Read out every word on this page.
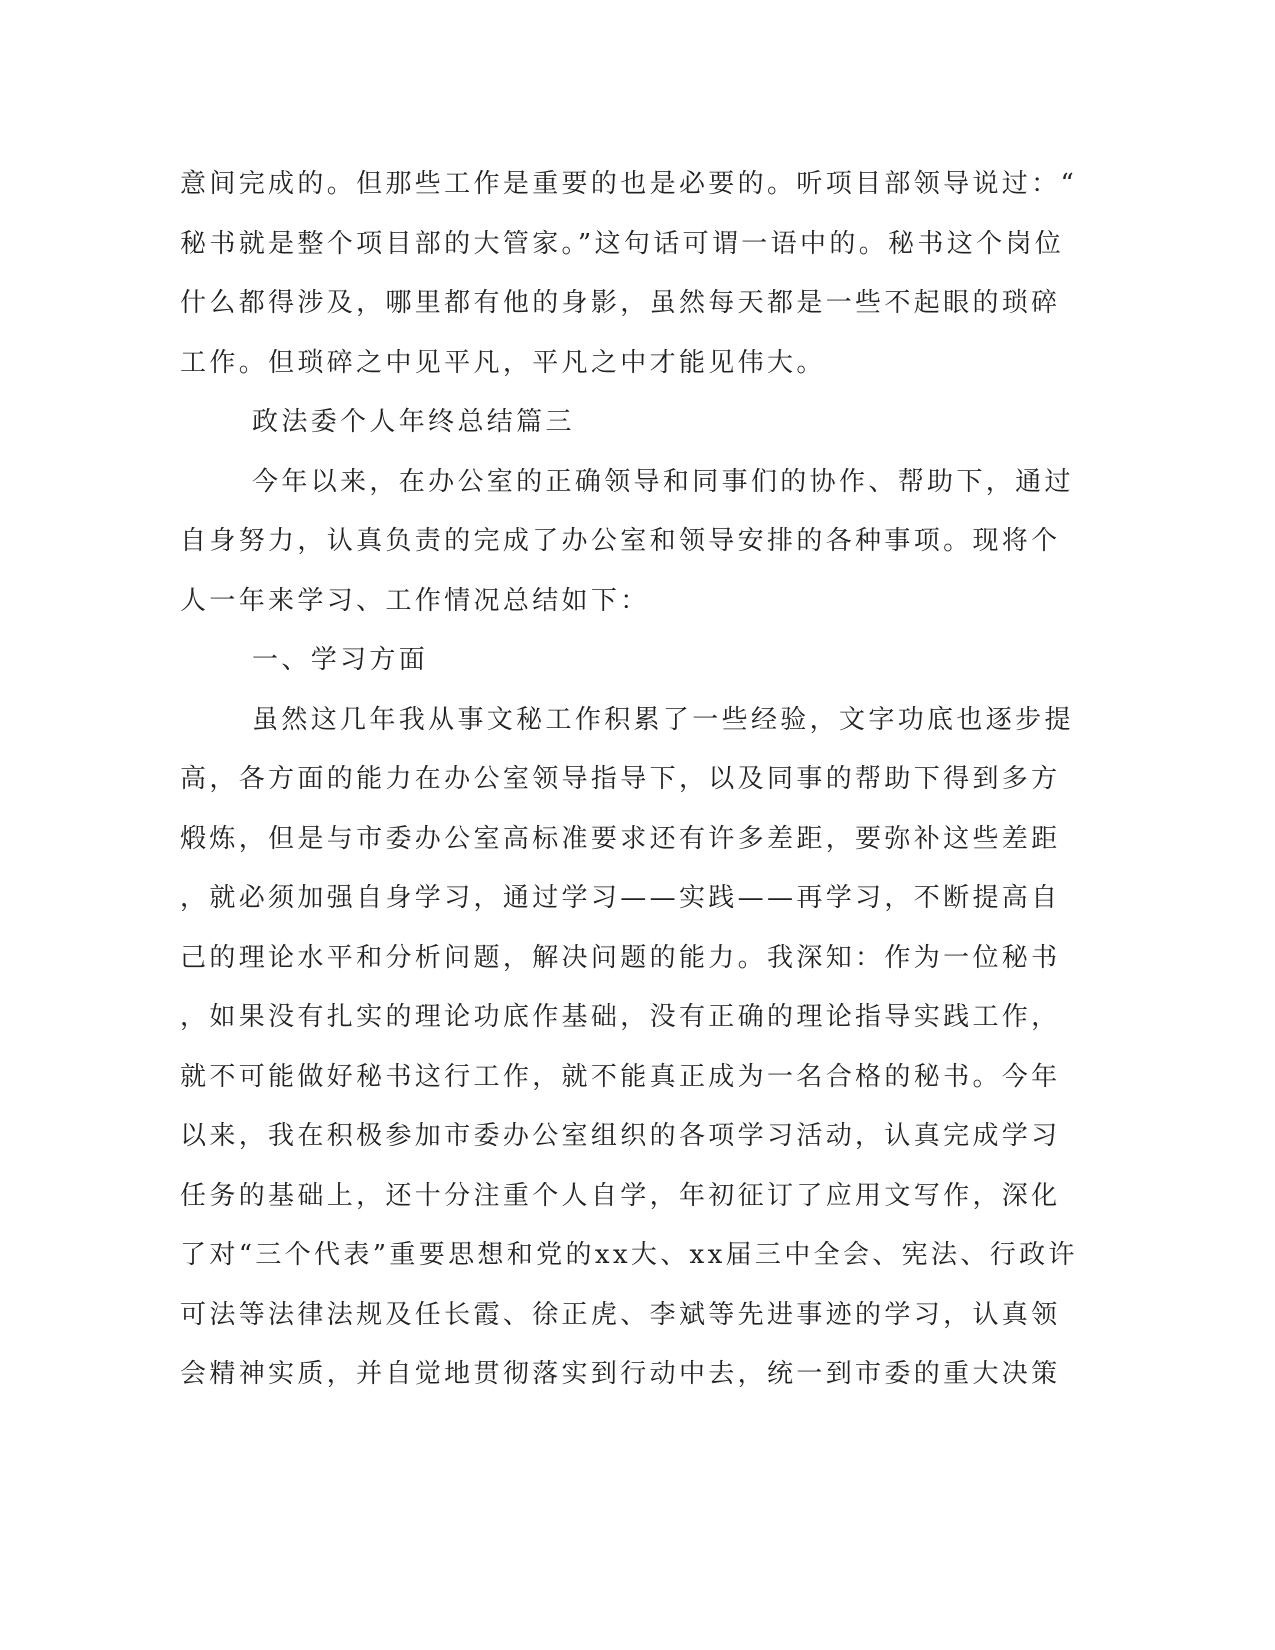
意间完成的。但那些工作是重要的也是必要的。听项目部领导说过：“
秘书就是整个项目部的大管家。”这句话可谓一语中的。秘书这个岗位
什么都得涉及，哪里都有他的身影，虽然每天都是一些不起眼的琐碎
工作。但琐碎之中见平凡，平凡之中才能见伟大。
政法委个人年终总结篇三
今年以来，在办公室的正确领导和同事们的协作、帮助下，通过
自身努力，认真负责的完成了办公室和领导安排的各种事项。现将个
人一年来学习、工作情况总结如下：
一、学习方面
虽然这几年我从事文秘工作积累了一些经验，文字功底也逐步提
高，各方面的能力在办公室领导指导下，以及同事的帮助下得到多方
煅炼，但是与市委办公室高标准要求还有许多差距，要弥补这些差距
，就必须加强自身学习，通过学习——实践——再学习，不断提高自
己的理论水平和分析问题，解决问题的能力。我深知：作为一位秘书
，如果没有扎实的理论功底作基础，没有正确的理论指导实践工作，
就不可能做好秘书这行工作，就不能真正成为一名合格的秘书。今年
以来，我在积极参加市委办公室组织的各项学习活动，认真完成学习
任务的基础上，还十分注重个人自学，年初征订了应用文写作，深化
了对“三个代表”重要思想和党的xx大、xx届三中全会、宪法、行政许
可法等法律法规及任长霞、徐正虎、李斌等先进事迹的学习，认真领
会精神实质，并自觉地贯彻落实到行动中去，统一到市委的重大决策
